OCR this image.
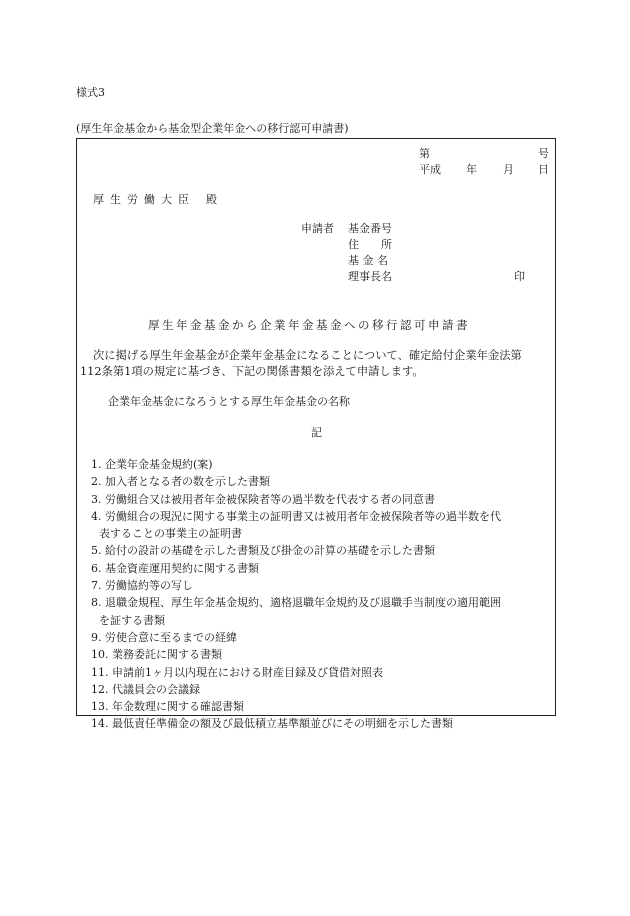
様式3
(厚生年金基金から基金型企業年金への移行認可申請書)
第	号
平成 年 月 日
厚生労働大臣 殿
申請者 基金番号
住　　所
基 金 名
理事長名	印
厚生年金基金から企業年金基金への移行認可申請書
次に掲げる厚生年金基金が企業年金基金になることについて、確定給付企業年金法第
112条第1項の規定に基づき、下記の関係書類を添えて申請します。
企業年金基金になろうとする厚生年金基金の名称
記
1. 企業年金基金規約(案)
2. 加入者となる者の数を示した書類
3. 労働組合又は被用者年金被保険者等の過半数を代表する者の同意書
4. 労働組合の現況に関する事業主の証明書又は被用者年金被保険者等の過半数を代
表することの事業主の証明書
5. 給付の設計の基礎を示した書類及び掛金の計算の基礎を示した書類
6. 基金資産運用契約に関する書類
7. 労働協約等の写し
8. 退職金規程、厚生年金基金規約、適格退職年金規約及び退職手当制度の適用範囲
を証する書類
9. 労使合意に至るまでの経緯
10. 業務委託に関する書類
11. 申請前1ヶ月以内現在における財産目録及び貸借対照表
12. 代議員会の会議録
13. 年金数理に関する確認書類
14. 最低責任準備金の額及び最低積立基準額並びにその明細を示した書類
